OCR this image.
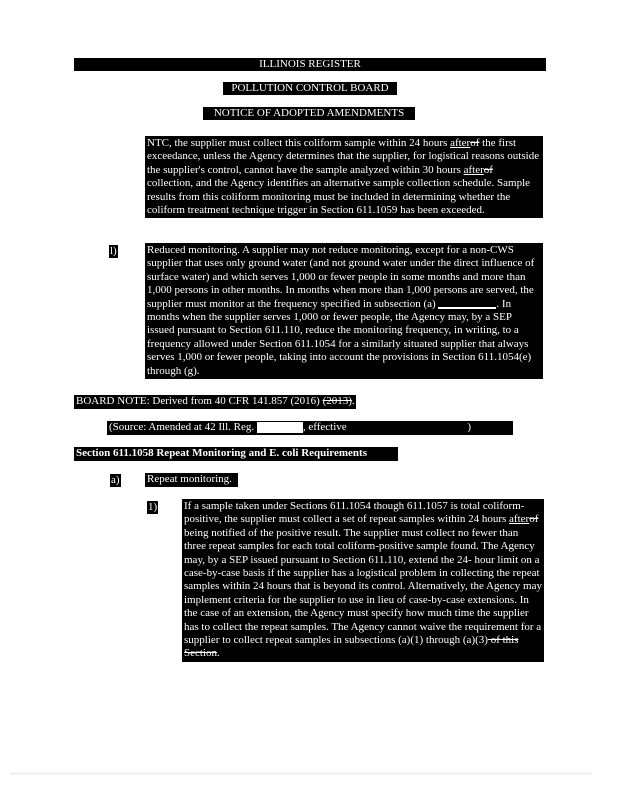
ILLINOIS REGISTER
POLLUTION CONTROL BOARD
NOTICE OF ADOPTED AMENDMENTS
NTC, the supplier must collect this coliform sample within 24 hours afterof the first exceedance, unless the Agency determines that the supplier, for logistical reasons outside the supplier's control, cannot have the sample analyzed within 30 hours afterof collection, and the Agency identifies an alternative sample collection schedule. Sample results from this coliform monitoring must be included in determining whether the coliform treatment technique trigger in Section 611.1059 has been exceeded.
l)	Reduced monitoring. A supplier may not reduce monitoring, except for a non-CWS supplier that uses only ground water (and not ground water under the direct influence of surface water) and which serves 1,000 or fewer people in some months and more than 1,000 persons in other months. In months when more than 1,000 persons are served, the supplier must monitor at the frequency specified in subsection (a)	. In months when the supplier serves 1,000 or fewer people, the Agency may, by a SEP issued pursuant to Section 611.110, reduce the monitoring frequency, in writing, to a frequency allowed under Section 611.1054 for a similarly situated supplier that always serves 1,000 or fewer people, taking into account the provisions in Section 611.1054(e) through (g).
BOARD NOTE: Derived from 40 CFR 141.857 (2016) (2013).
(Source: Amended at 42 Ill. Reg.	, effective	)
Section 611.1058 Repeat Monitoring and E. coli Requirements
a) Repeat monitoring.
1) If a sample taken under Sections 611.1054 though 611.1057 is total coliform-positive, the supplier must collect a set of repeat samples within 24 hours afterof being notified of the positive result. The supplier must collect no fewer than three repeat samples for each total coliform-positive sample found. The Agency may, by a SEP issued pursuant to Section 611.110, extend the 24- hour limit on a case-by-case basis if the supplier has a logistical problem in collecting the repeat samples within 24 hours that is beyond its control. Alternatively, the Agency may implement criteria for the supplier to use in lieu of case-by-case extensions. In the case of an extension, the Agency must specify how much time the supplier has to collect the repeat samples. The Agency cannot waive the requirement for a supplier to collect repeat samples in subsections (a)(1) through (a)(3) of this Section.
